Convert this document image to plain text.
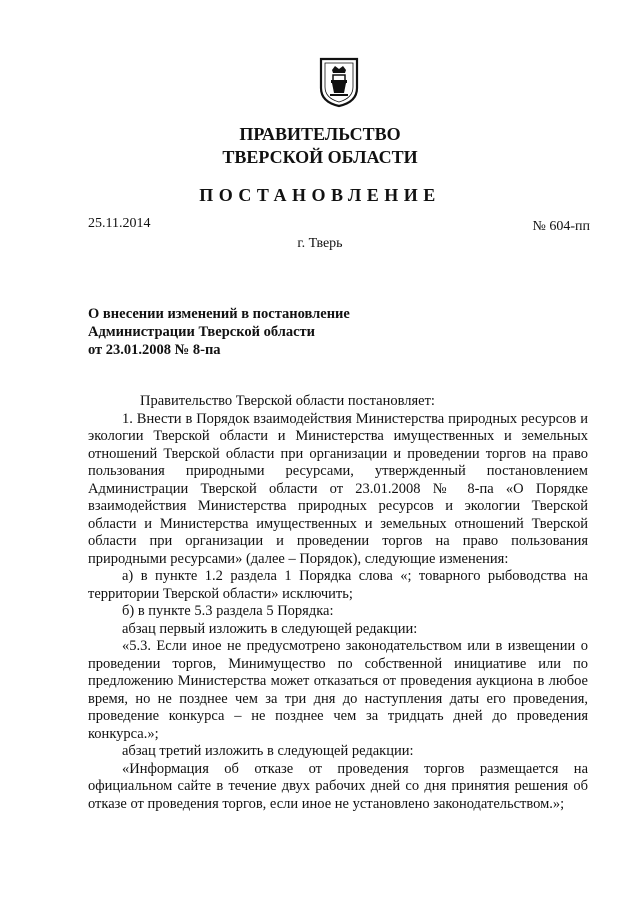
ПРАВИТЕЛЬСТВО
ТВЕРСКОЙ ОБЛАСТИ
ПОСТАНОВЛЕНИЕ
25.11.2014	№ 604-пп
г. Тверь
О внесении изменений в постановление
Администрации Тверской области
от 23.01.2008 № 8-па

Правительство Тверской области постановляет:

1. Внести в Порядок взаимодействия Министерства природных ресурсов и экологии Тверской области и Министерства имущественных и земельных отношений Тверской области при организации и проведении торгов на право пользования природными ресурсами, утвержденный постановлением Администрации Тверской области от 23.01.2008 № 8-па «О Порядке взаимодействия Министерства природных ресурсов и экологии Тверской области и Министерства имущественных и земельных отношений Тверской области при организации и проведении торгов на право пользования природными ресурсами» (далее – Порядок), следующие изменения:

а) в пункте 1.2 раздела 1 Порядка слова «; товарного рыбоводства на территории Тверской области» исключить;

б) в пункте 5.3 раздела 5 Порядка:

абзац первый изложить в следующей редакции:

«5.3. Если иное не предусмотрено законодательством или в извещении о проведении торгов, Минимущество по собственной инициативе или по предложению Министерства может отказаться от проведения аукциона в любое время, но не позднее чем за три дня до наступления даты его проведения, проведение конкурса – не позднее чем за тридцать дней до проведения конкурса.»;

абзац третий изложить в следующей редакции:

«Информация об отказе от проведения торгов размещается на официальном сайте в течение двух рабочих дней со дня принятия решения об отказе от проведения торгов, если иное не установлено законодательством.»;
